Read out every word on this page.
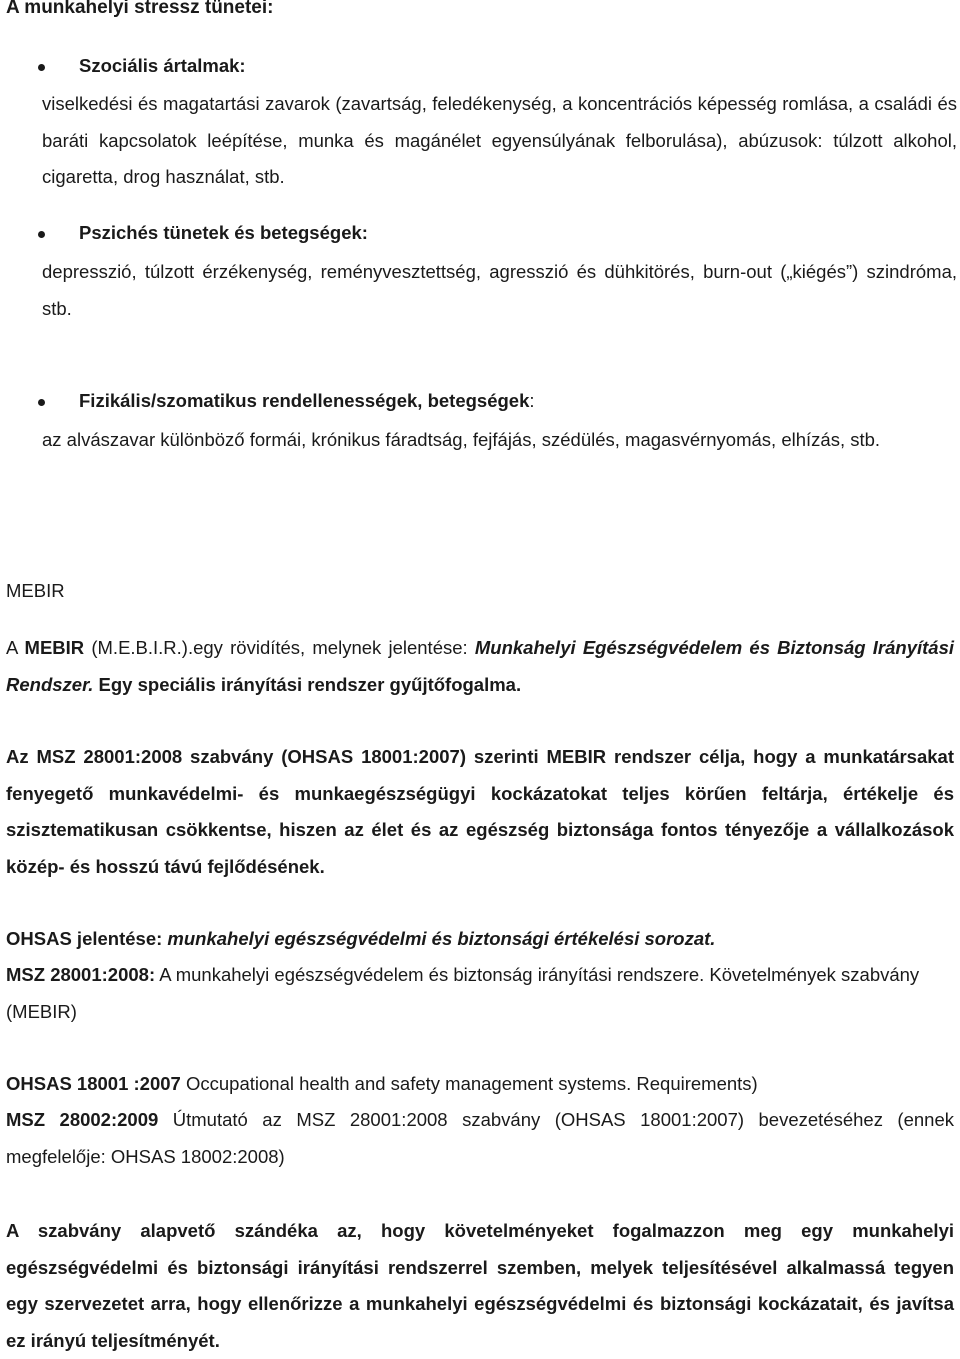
A munkahelyi stressz tünetei:
Szociális ártalmak:

viselkedési és magatartási zavarok (zavartság, feledékenység, a koncentrációs képesség romlása, a családi és baráti kapcsolatok leépítése, munka és magánélet egyensúlyának felborulása), abúzusok: túlzott alkohol, cigaretta, drog használat, stb.

Pszichés tünetek és betegségek:

depresszió, túlzott érzékenység, reményvesztettség, agresszió és dühkitörés, burn-out („kiégés”) szindróma, stb.

Fizikális/szomatikus rendellenességek, betegségek:

az alvászavar különböző formái, krónikus fáradtság, fejfájás, szédülés, magasvérnyomás, elhízás, stb.

MEBIR

A MEBIR (M.E.B.I.R.).egy rövidítés, melynek jelentése: Munkahelyi Egészségvédelem és Biztonság Irányítási Rendszer. Egy speciális irányítási rendszer gyűjtőfogalma.

Az MSZ 28001:2008 szabvány (OHSAS 18001:2007) szerinti MEBIR rendszer célja, hogy a munkatársakat fenyegető munkavédelmi- és munkaegészségügyi kockázatokat teljes körűen feltárja, értékelje és szisztematikusan csökkentse, hiszen az élet és az egészség biztonsága fontos tényezője a vállalkozások közép- és hosszú távú fejlődésének.

OHSAS jelentése: munkahelyi egészségvédelmi és biztonsági értékelési sorozat.

MSZ 28001:2008: A munkahelyi egészségvédelem és biztonság irányítási rendszere. Követelmények szabvány (MEBIR)

OHSAS 18001 :2007 Occupational health and safety management systems. Requirements)

MSZ 28002:2009 Útmutató az MSZ 28001:2008 szabvány (OHSAS 18001:2007) bevezetéséhez (ennek megfelelője: OHSAS 18002:2008)

A szabvány alapvető szándéka az, hogy követelményeket fogalmazzon meg egy munkahelyi egészségvédelmi és biztonsági irányítási rendszerrel szemben, melyek teljesítésével alkalmassá tegyen egy szervezetet arra, hogy ellenőrizze a munkahelyi egészségvédelmi és biztonsági kockázatait, és javítsa ez irányú teljesítményét.
